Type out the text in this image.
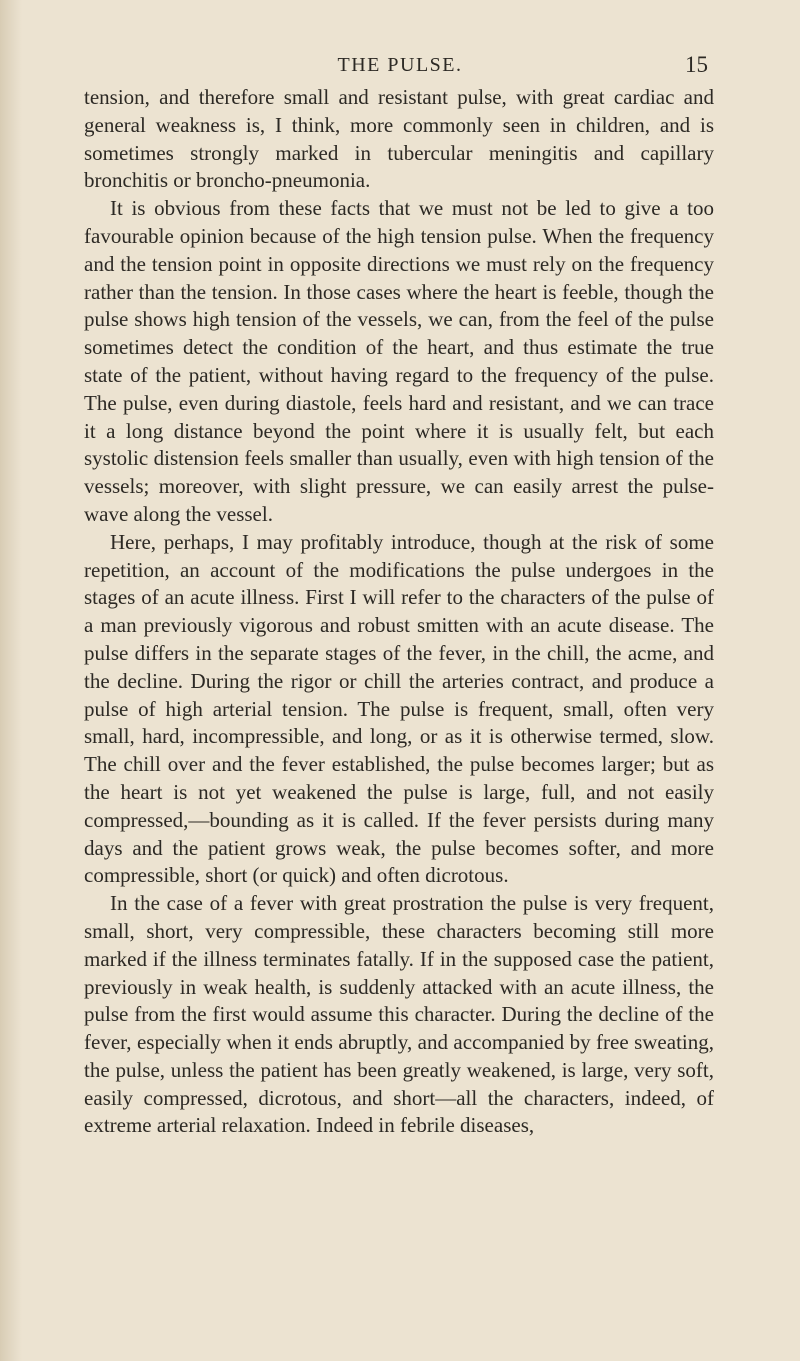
THE PULSE.	15

tension, and therefore small and resistant pulse, with great cardiac and general weakness is, I think, more commonly seen in children, and is sometimes strongly marked in tubercular meningitis and capillary bronchitis or broncho-pneumonia.

It is obvious from these facts that we must not be led to give a too favourable opinion because of the high tension pulse. When the frequency and the tension point in opposite directions we must rely on the frequency rather than the tension. In those cases where the heart is feeble, though the pulse shows high tension of the vessels, we can, from the feel of the pulse sometimes detect the condition of the heart, and thus estimate the true state of the patient, without having regard to the frequency of the pulse. The pulse, even during diastole, feels hard and resistant, and we can trace it a long distance beyond the point where it is usually felt, but each systolic distension feels smaller than usually, even with high tension of the vessels; moreover, with slight pressure, we can easily arrest the pulse-wave along the vessel.

Here, perhaps, I may profitably introduce, though at the risk of some repetition, an account of the modifications the pulse undergoes in the stages of an acute illness. First I will refer to the characters of the pulse of a man previously vigorous and robust smitten with an acute disease. The pulse differs in the separate stages of the fever, in the chill, the acme, and the decline. During the rigor or chill the arteries contract, and produce a pulse of high arterial tension. The pulse is frequent, small, often very small, hard, incompressible, and long, or as it is otherwise termed, slow. The chill over and the fever established, the pulse becomes larger; but as the heart is not yet weakened the pulse is large, full, and not easily compressed,—bounding as it is called. If the fever persists during many days and the patient grows weak, the pulse becomes softer, and more compressible, short (or quick) and often dicrotous.

In the case of a fever with great prostration the pulse is very frequent, small, short, very compressible, these characters becoming still more marked if the illness terminates fatally. If in the supposed case the patient, previously in weak health, is suddenly attacked with an acute illness, the pulse from the first would assume this character. During the decline of the fever, especially when it ends abruptly, and accompanied by free sweating, the pulse, unless the patient has been greatly weakened, is large, very soft, easily compressed, dicrotous, and short—all the characters, indeed, of extreme arterial relaxation. Indeed in febrile diseases,
